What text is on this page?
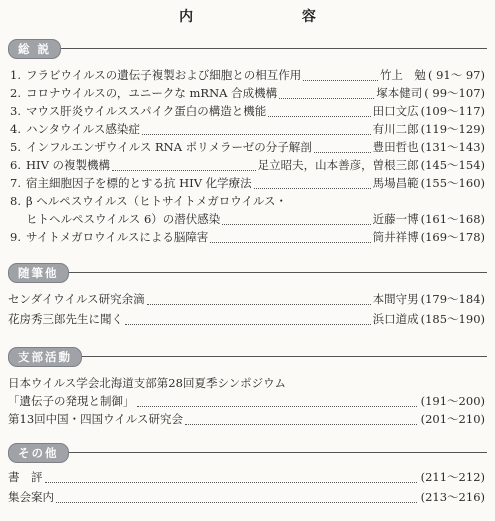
内 容
総 説
1. フラビウイルスの遺伝子複製および細胞との相互作用	竹上　勉 ( 91〜 97)
2. コロナウイルスの，ユニークな mRNA 合成機構	塚本健司 ( 99〜107)
3. マウス肝炎ウイルススパイク蛋白の構造と機能	田口文広 (109〜117)
4. ハンタウイルス感染症	有川二郎 (119〜129)
5. インフルエンザウイルス RNA ポリメラーゼの分子解剖	豊田哲也 (131〜143)
6. HIV の複製機構	足立昭夫，山本善彦，曽根三郎 (145〜154)
7. 宿主細胞因子を標的とする抗 HIV 化学療法	馬場昌範 (155〜160)
8. β ヘルペスウイルス（ヒトサイトメガロウイルス・
ヒトヘルペスウイルス 6）の潜伏感染	近藤一博 (161〜168)
9. サイトメガロウイルスによる脳障害	筒井祥博 (169〜178)
随筆他
センダイウイルス研究余滴	本間守男 (179〜184)
花房秀三郎先生に聞く	浜口道成 (185〜190)
支部活動
日本ウイルス学会北海道支部第28回夏季シンポジウム
「遺伝子の発現と制御」	(191〜200)
第13回中国・四国ウイルス研究会	(201〜210)
その他
書　評	(211〜212)
集会案内	(213〜216)
